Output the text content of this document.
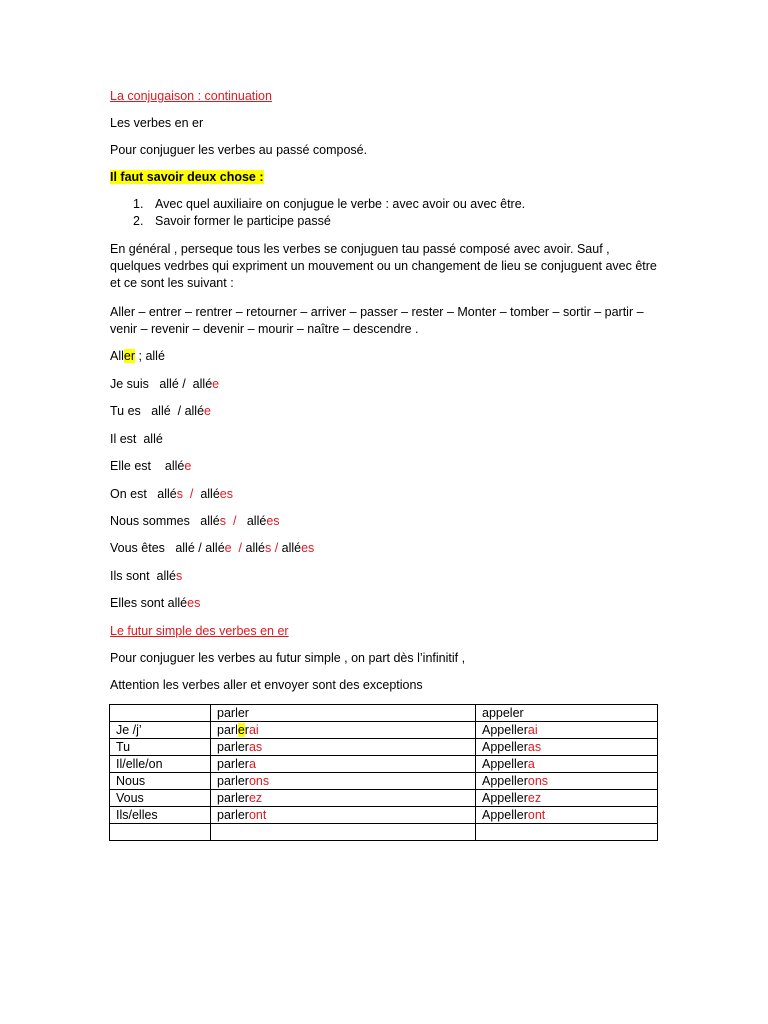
La conjugaison : continuation
Les verbes en er
Pour conjuguer les verbes au passé composé.
Il faut savoir deux chose :
1. Avec quel auxiliaire on conjugue le verbe : avec avoir ou avec être.
2. Savoir former le participe passé
En général , perseque tous les verbes se conjuguen tau passé composé avec avoir. Sauf , quelques vedrbes qui expriment un mouvement ou un changement de lieu se conjuguent avec être et ce sont les suivant :
Aller – entrer – rentrer – retourner – arriver – passer – rester – Monter – tomber – sortir – partir – venir – revenir – devenir – mourir – naître – descendre .
Aller ; allé
Je suis   allé /  allée
Tu es   allé  / allée
Il est  allé
Elle est    allée
On est   allés  /  allées
Nous sommes   allés  /   allées
Vous êtes   allé / allée  / allés / allées
Ils sont  allés
Elles sont allées
Le futur simple des verbes en er
Pour conjuguer les verbes au futur simple , on part dès l’infinitif ,
Attention les verbes aller et envoyer sont des exceptions
	parler	appeler
Je /j’	parlerai	Appellerai
Tu	parleras	Appelleras
Il/elle/on	parlera	Appellera
Nous	parlerons	Appellerons
Vous	parlerez	Appellerez
Ils/elles	parleront	Appelleront
